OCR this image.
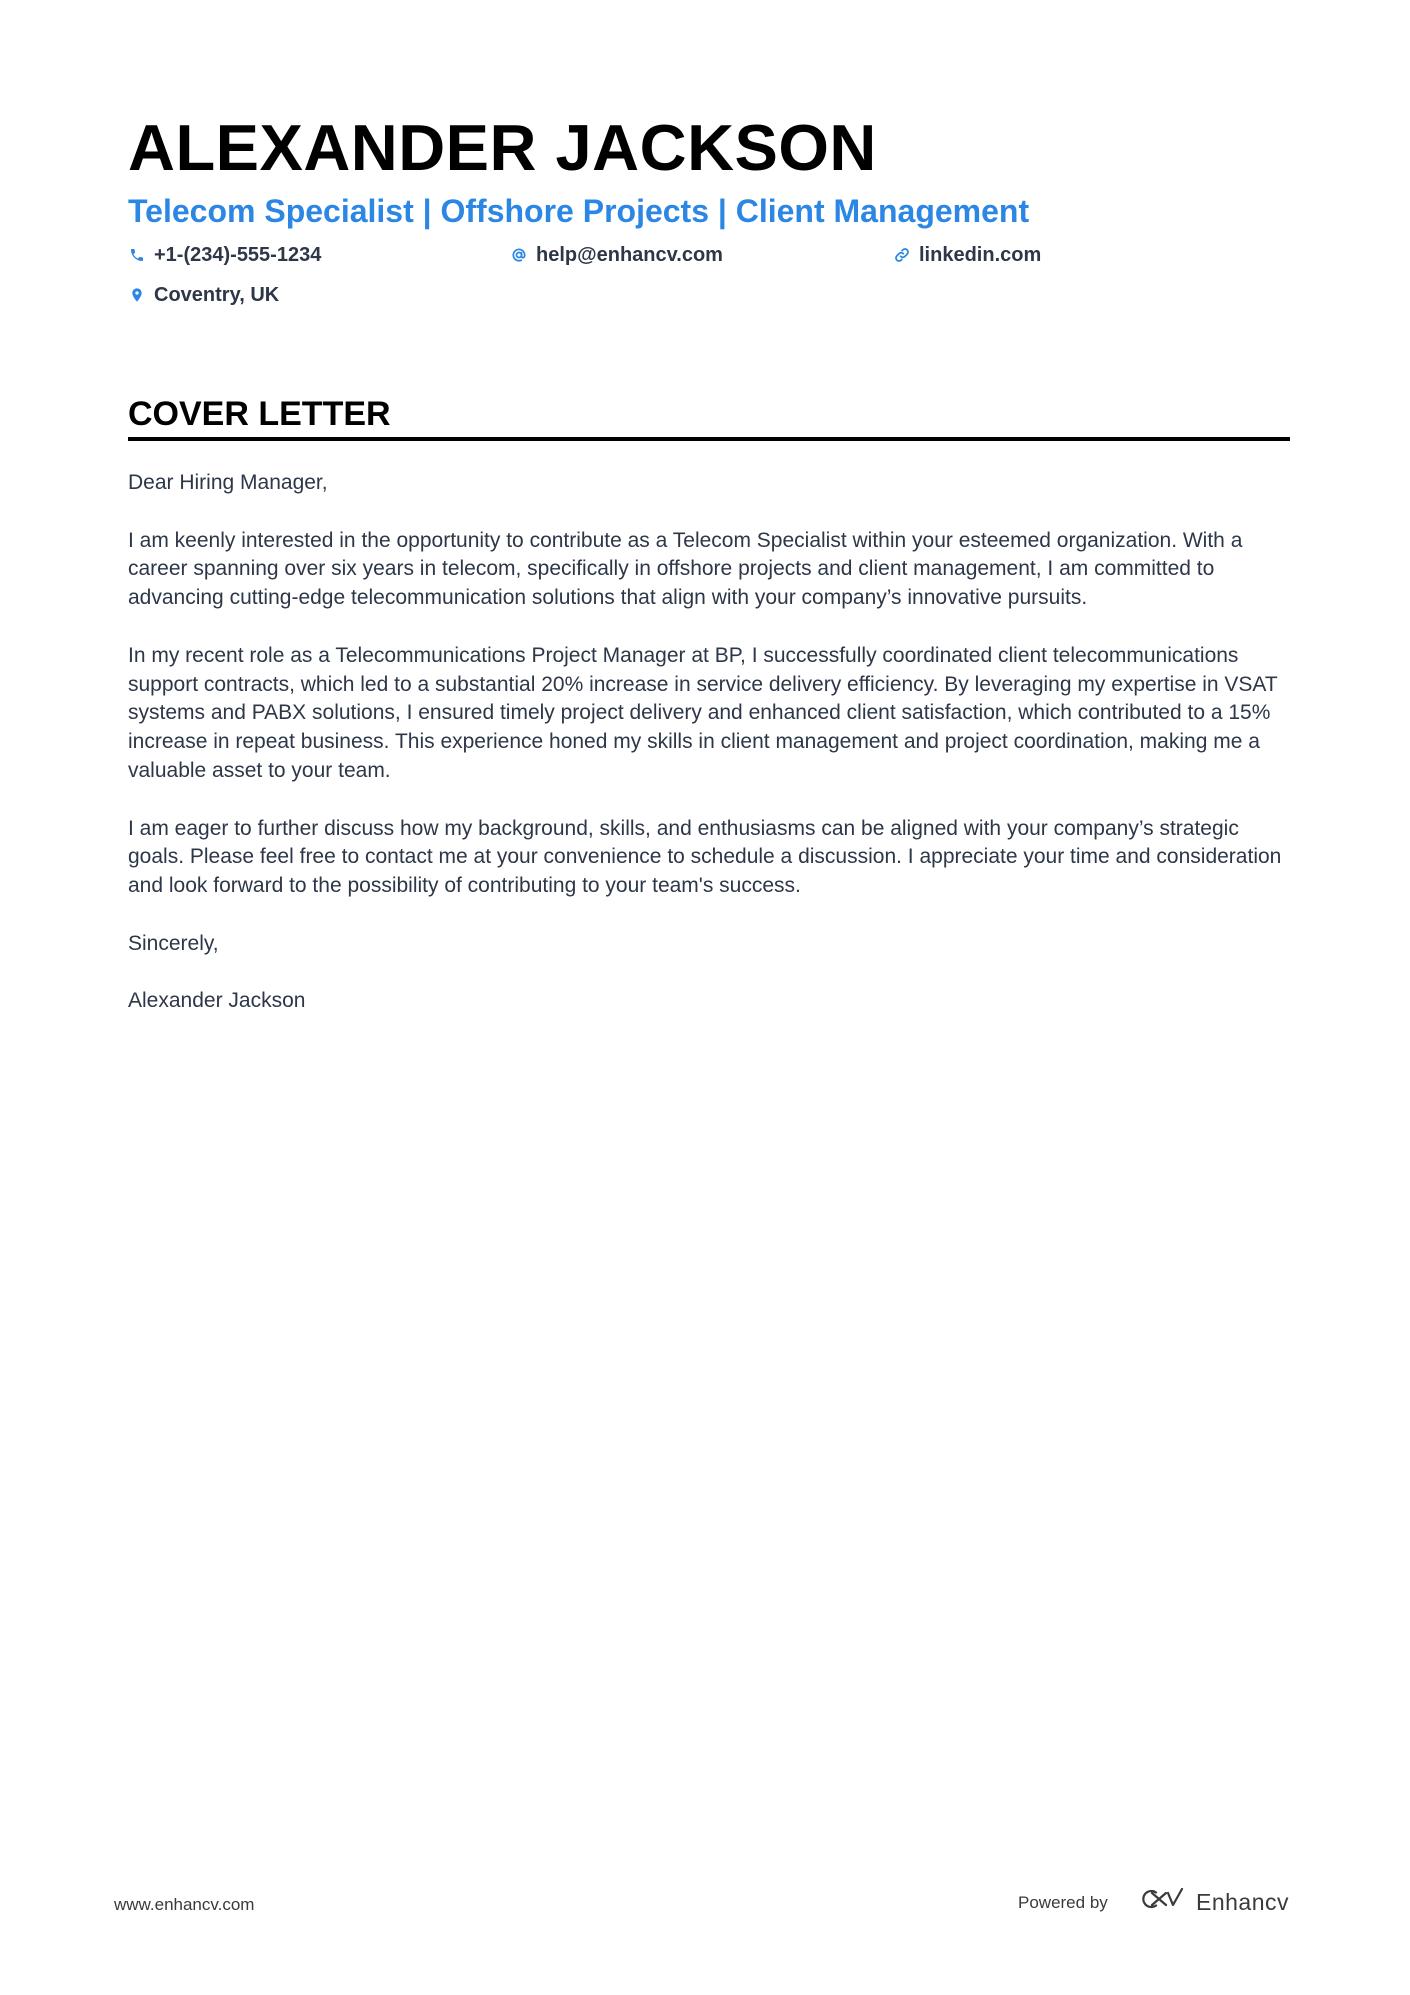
ALEXANDER JACKSON
Telecom Specialist | Offshore Projects | Client Management
+1-(234)-555-1234	help@enhancv.com	linkedin.com
Coventry, UK
COVER LETTER

Dear Hiring Manager,

I am keenly interested in the opportunity to contribute as a Telecom Specialist within your esteemed organization. With a career spanning over six years in telecom, specifically in offshore projects and client management, I am committed to advancing cutting-edge telecommunication solutions that align with your company’s innovative pursuits.

In my recent role as a Telecommunications Project Manager at BP, I successfully coordinated client telecommunications support contracts, which led to a substantial 20% increase in service delivery efficiency. By leveraging my expertise in VSAT systems and PABX solutions, I ensured timely project delivery and enhanced client satisfaction, which contributed to a 15% increase in repeat business. This experience honed my skills in client management and project coordination, making me a valuable asset to your team.

I am eager to further discuss how my background, skills, and enthusiasms can be aligned with your company’s strategic goals. Please feel free to contact me at your convenience to schedule a discussion. I appreciate your time and consideration and look forward to the possibility of contributing to your team's success.

Sincerely,

Alexander Jackson

www.enhancv.com	Powered by	Enhancv
